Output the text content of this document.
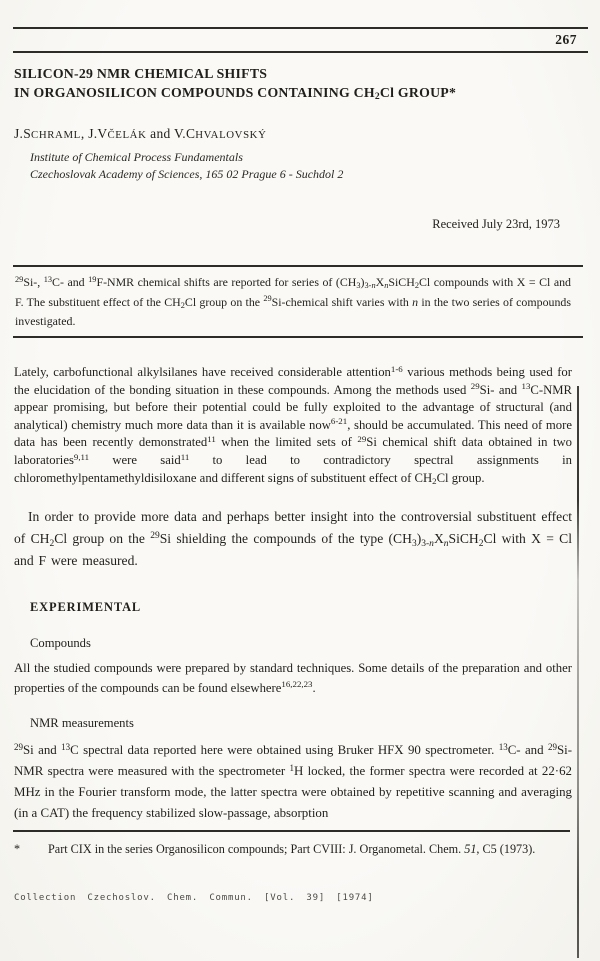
267
SILICON-29 NMR CHEMICAL SHIFTS
IN ORGANOSILICON COMPOUNDS CONTAINING $CH_2Cl$ GROUP*
J.SCHRAML, J.VČELÁK and V.CHVALOVSKÝ
Institute of Chemical Process Fundamentals
Czechoslovak Academy of Sciences, 165 02 Prague 6 - Suchdol 2
Received July 23rd, 1973
$^{29}$Si-, $^{13}$C- and $^{19}$F-NMR chemical shifts are reported for series of $(CH_3)_{3-n}X_nSiCH_2Cl$ compounds with X = Cl and F. The substituent effect of the $CH_2Cl$ group on the $^{29}$Si-chemical shift varies with n in the two series of compounds investigated.
Lately, carbofunctional alkylsilanes have received considerable attention$^{1-6}$ various methods being used for the elucidation of the bonding situation in these compounds. Among the methods used $^{29}$Si- and $^{13}$C-NMR appear promising, but before their potential could be fully exploited to the advantage of structural (and analytical) chemistry much more data than it is available now$^{6-21}$, should be accumulated. This need of more data has been recently demonstrated$^{11}$ when the limited sets of $^{29}$Si chemical shift data obtained in two laboratories$^{9,11}$ were said$^{11}$ to lead to contradictory spectral assignments in chloromethylpentamethyldisiloxane and different signs of substituent effect of $CH_2Cl$ group.
In order to provide more data and perhaps better insight into the controversial substituent effect of $CH_2Cl$ group on the $^{29}$Si shielding the compounds of the type $(CH_3)_{3-n}X_nSiCH_2Cl$ with X = Cl and F were measured.
EXPERIMENTAL
Compounds
All the studied compounds were prepared by standard techniques. Some details of the preparation and other properties of the compounds can be found elsewhere$^{16,22,23}$.
NMR measurements
$^{29}$Si and $^{13}$C spectral data reported here were obtained using Bruker HFX 90 spectrometer. $^{13}$C- and $^{29}$Si- NMR spectra were measured with the spectrometer $^1$H locked, the former spectra were recorded at 22·62 MHz in the Fourier transform mode, the latter spectra were obtained by repetitive scanning and averaging (in a CAT) the frequency stabilized slow-passage, absorption
* Part CIX in the series Organosilicon compounds; Part CVIII: J. Organometal. Chem. 51, C5 (1973).
Collection Czechoslov. Chem. Commun. [Vol. 39] [1974]
